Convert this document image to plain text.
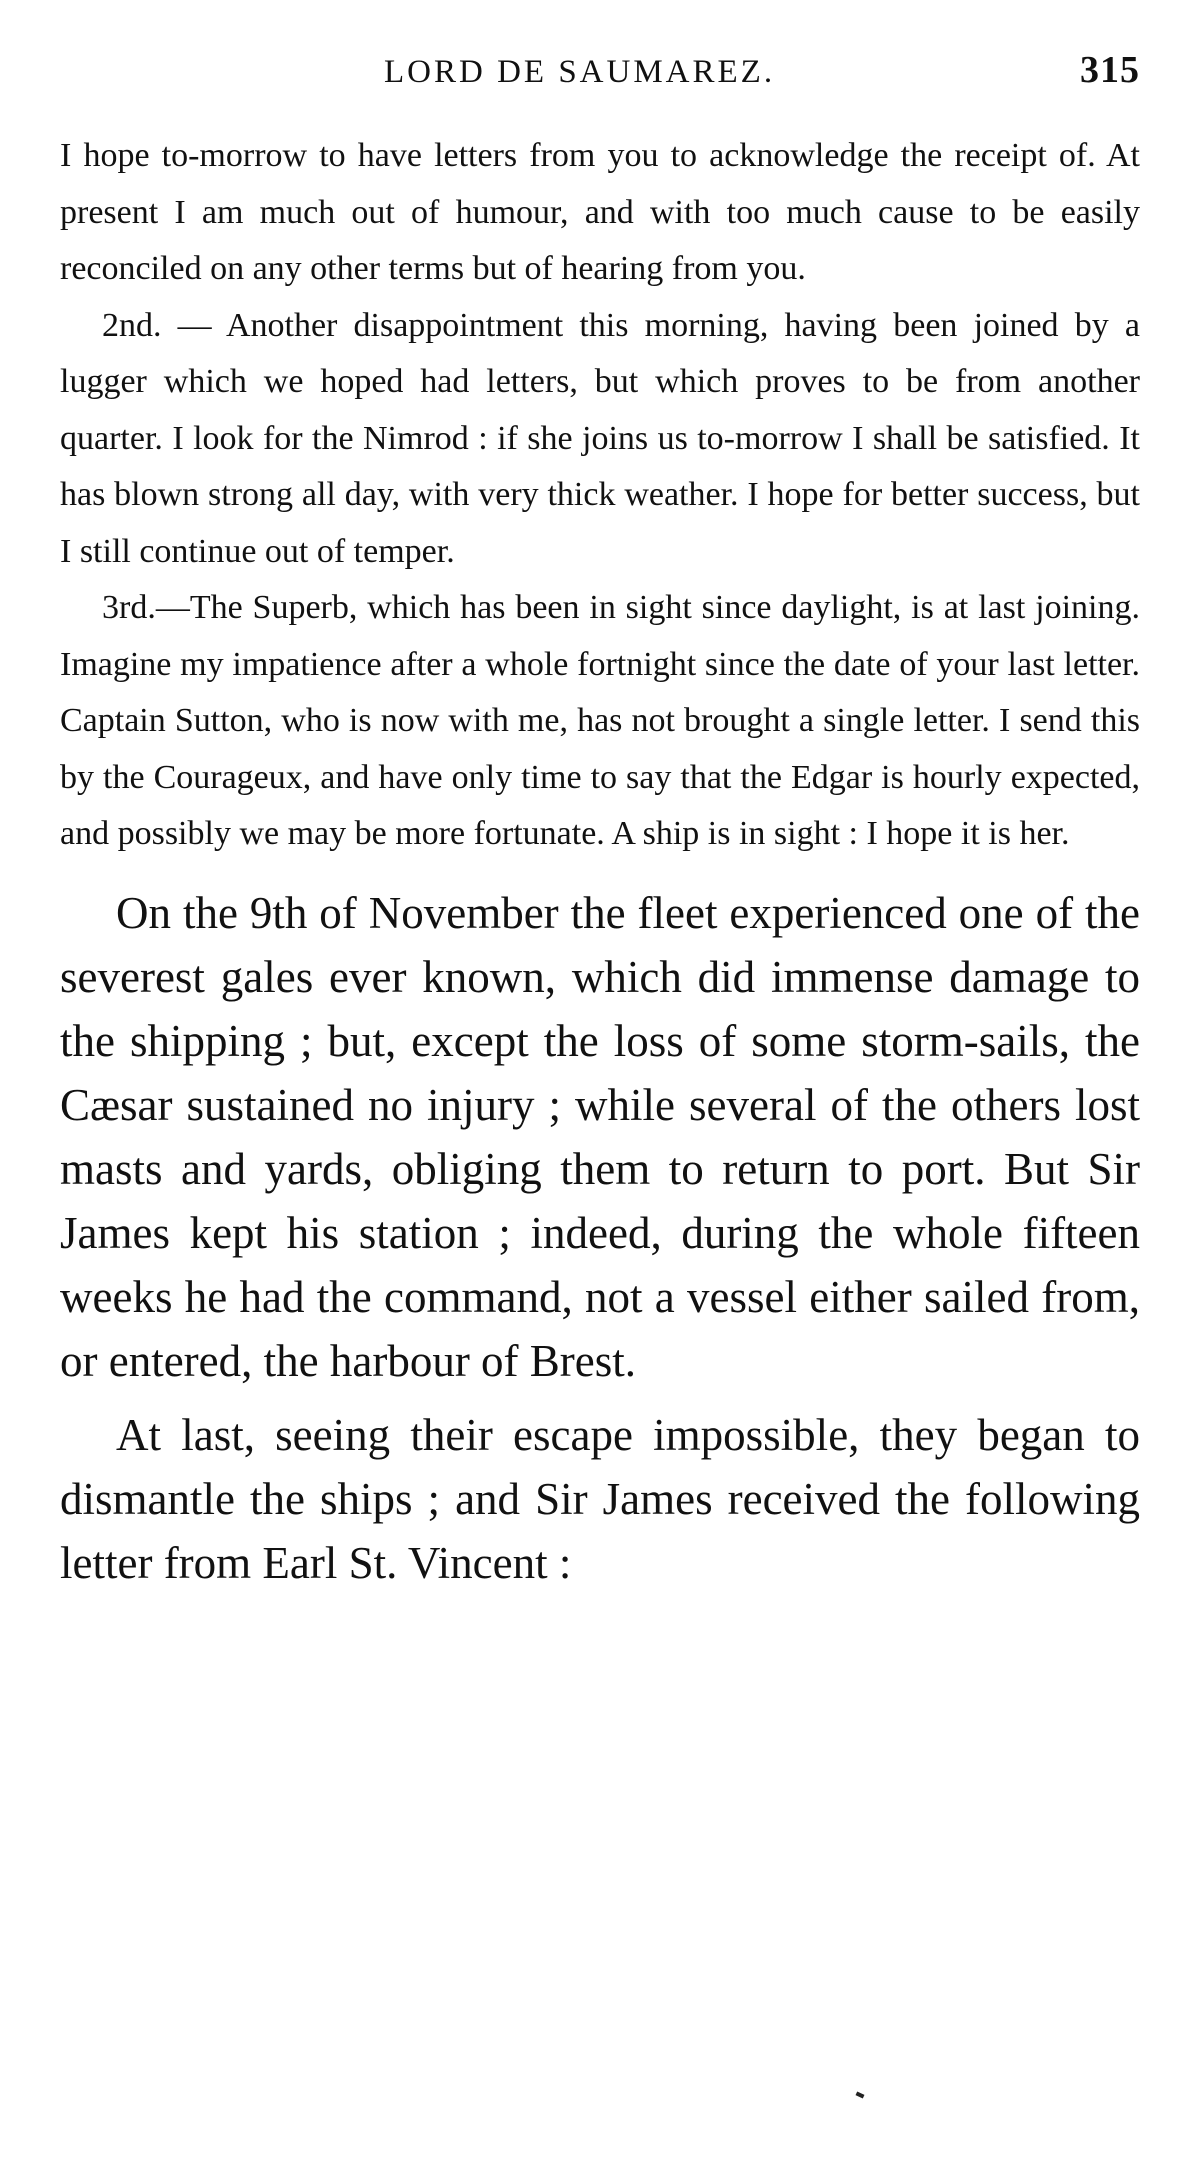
LORD DE SAUMAREZ.	315

I hope to-morrow to have letters from you to acknowledge the receipt of. At present I am much out of humour, and with too much cause to be easily reconciled on any other terms but of hearing from you.

2nd. — Another disappointment this morning, having been joined by a lugger which we hoped had letters, but which proves to be from another quarter. I look for the Nimrod : if she joins us to-morrow I shall be satisfied. It has blown strong all day, with very thick weather. I hope for better success, but I still continue out of temper.

3rd.—The Superb, which has been in sight since daylight, is at last joining. Imagine my impatience after a whole fortnight since the date of your last letter. Captain Sutton, who is now with me, has not brought a single letter. I send this by the Courageux, and have only time to say that the Edgar is hourly expected, and possibly we may be more fortunate. A ship is in sight : I hope it is her.

On the 9th of November the fleet experienced one of the severest gales ever known, which did immense damage to the shipping ; but, except the loss of some storm-sails, the Cæsar sustained no injury ; while several of the others lost masts and yards, obliging them to return to port. But Sir James kept his station ; indeed, during the whole fifteen weeks he had the command, not a vessel either sailed from, or entered, the harbour of Brest.

At last, seeing their escape impossible, they began to dismantle the ships ; and Sir James received the following letter from Earl St. Vincent :
